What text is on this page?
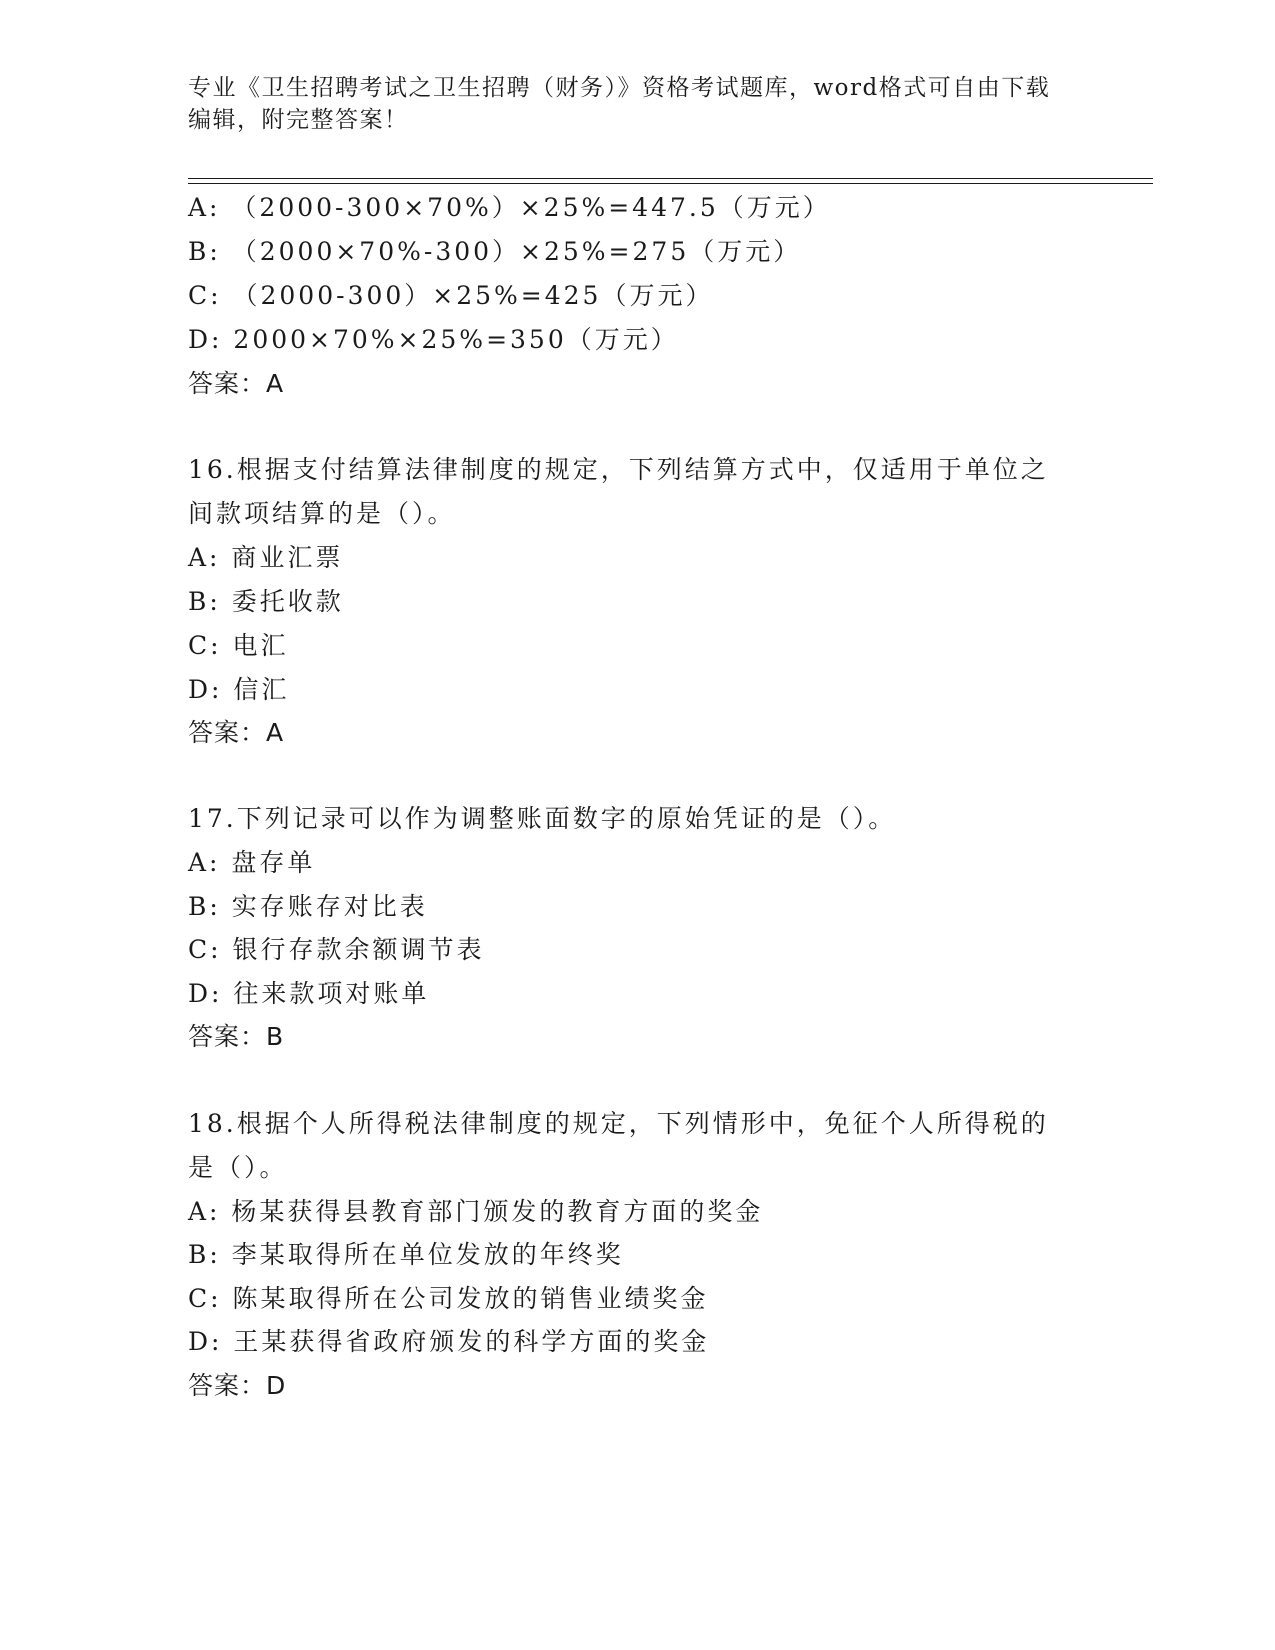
专业《卫生招聘考试之卫生招聘（财务）》资格考试题库，word格式可自由下载
编辑，附完整答案！
A: （2000-300×70%）×25%=447.5（万元）
B: （2000×70%-300）×25%=275（万元）
C: （2000-300）×25%=425（万元）
D: 2000×70%×25%=350（万元）
答案：A
16.根据支付结算法律制度的规定，下列结算方式中，仅适用于单位之
间款项结算的是（）。
A: 商业汇票
B: 委托收款
C: 电汇
D: 信汇
答案：A
17.下列记录可以作为调整账面数字的原始凭证的是（）。
A: 盘存单
B: 实存账存对比表
C: 银行存款余额调节表
D: 往来款项对账单
答案：B
18.根据个人所得税法律制度的规定，下列情形中，免征个人所得税的
是（）。
A: 杨某获得县教育部门颁发的教育方面的奖金
B: 李某取得所在单位发放的年终奖
C: 陈某取得所在公司发放的销售业绩奖金
D: 王某获得省政府颁发的科学方面的奖金
答案：D
